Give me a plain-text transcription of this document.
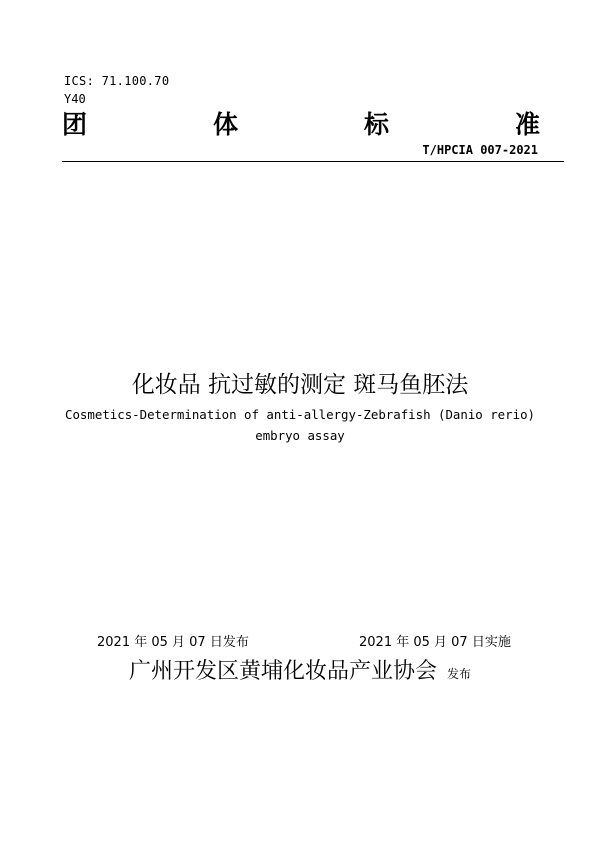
ICS: 71.100.70
Y40
团	体	标	准
T/HPCIA 007-2021
化妆品 抗过敏的测定 斑马鱼胚法
Cosmetics-Determination of anti-allergy-Zebrafish (Danio rerio)
embryo assay
2021 年 05 月 07 日发布	2021 年 05 月 07 日实施
广州开发区黄埔化妆品产业协会 发布
